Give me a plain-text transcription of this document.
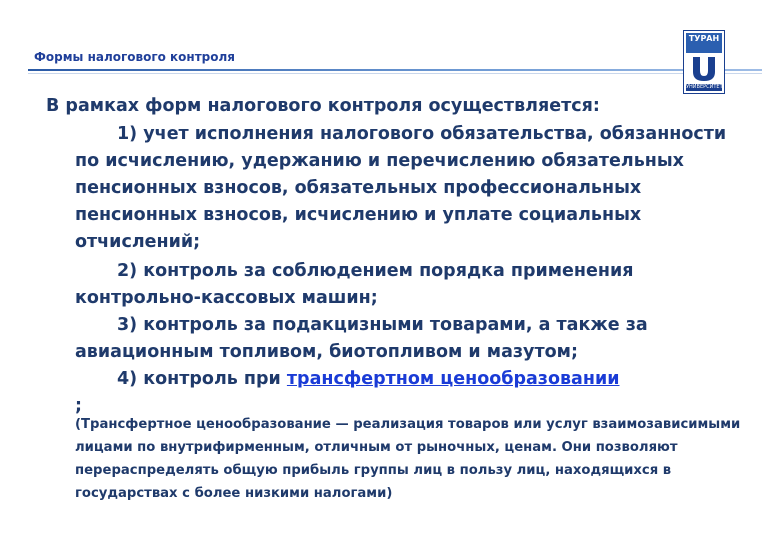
Формы налогового контроля
ТУРАН
УНИВЕРСИТЕТ
В рамках форм налогового контроля осуществляется:
1) учет исполнения налогового обязательства, обязанности по исчислению, удержанию и перечислению обязательных пенсионных взносов, обязательных профессиональных пенсионных взносов, исчислению и уплате социальных отчислений;
2) контроль за соблюдением порядка применения контрольно-кассовых машин;
3) контроль за подакцизными товарами, а также за авиационным топливом, биотопливом и мазутом;
4) контроль при трансфертном ценообразовании
;
(Трансфертное ценообразование — реализация товаров или услуг взаимозависимыми лицами по внутрифирменным, отличным от рыночных, ценам. Они позволяют перераспределять общую прибыль группы лиц в пользу лиц, находящихся в государствах с более низкими налогами)
